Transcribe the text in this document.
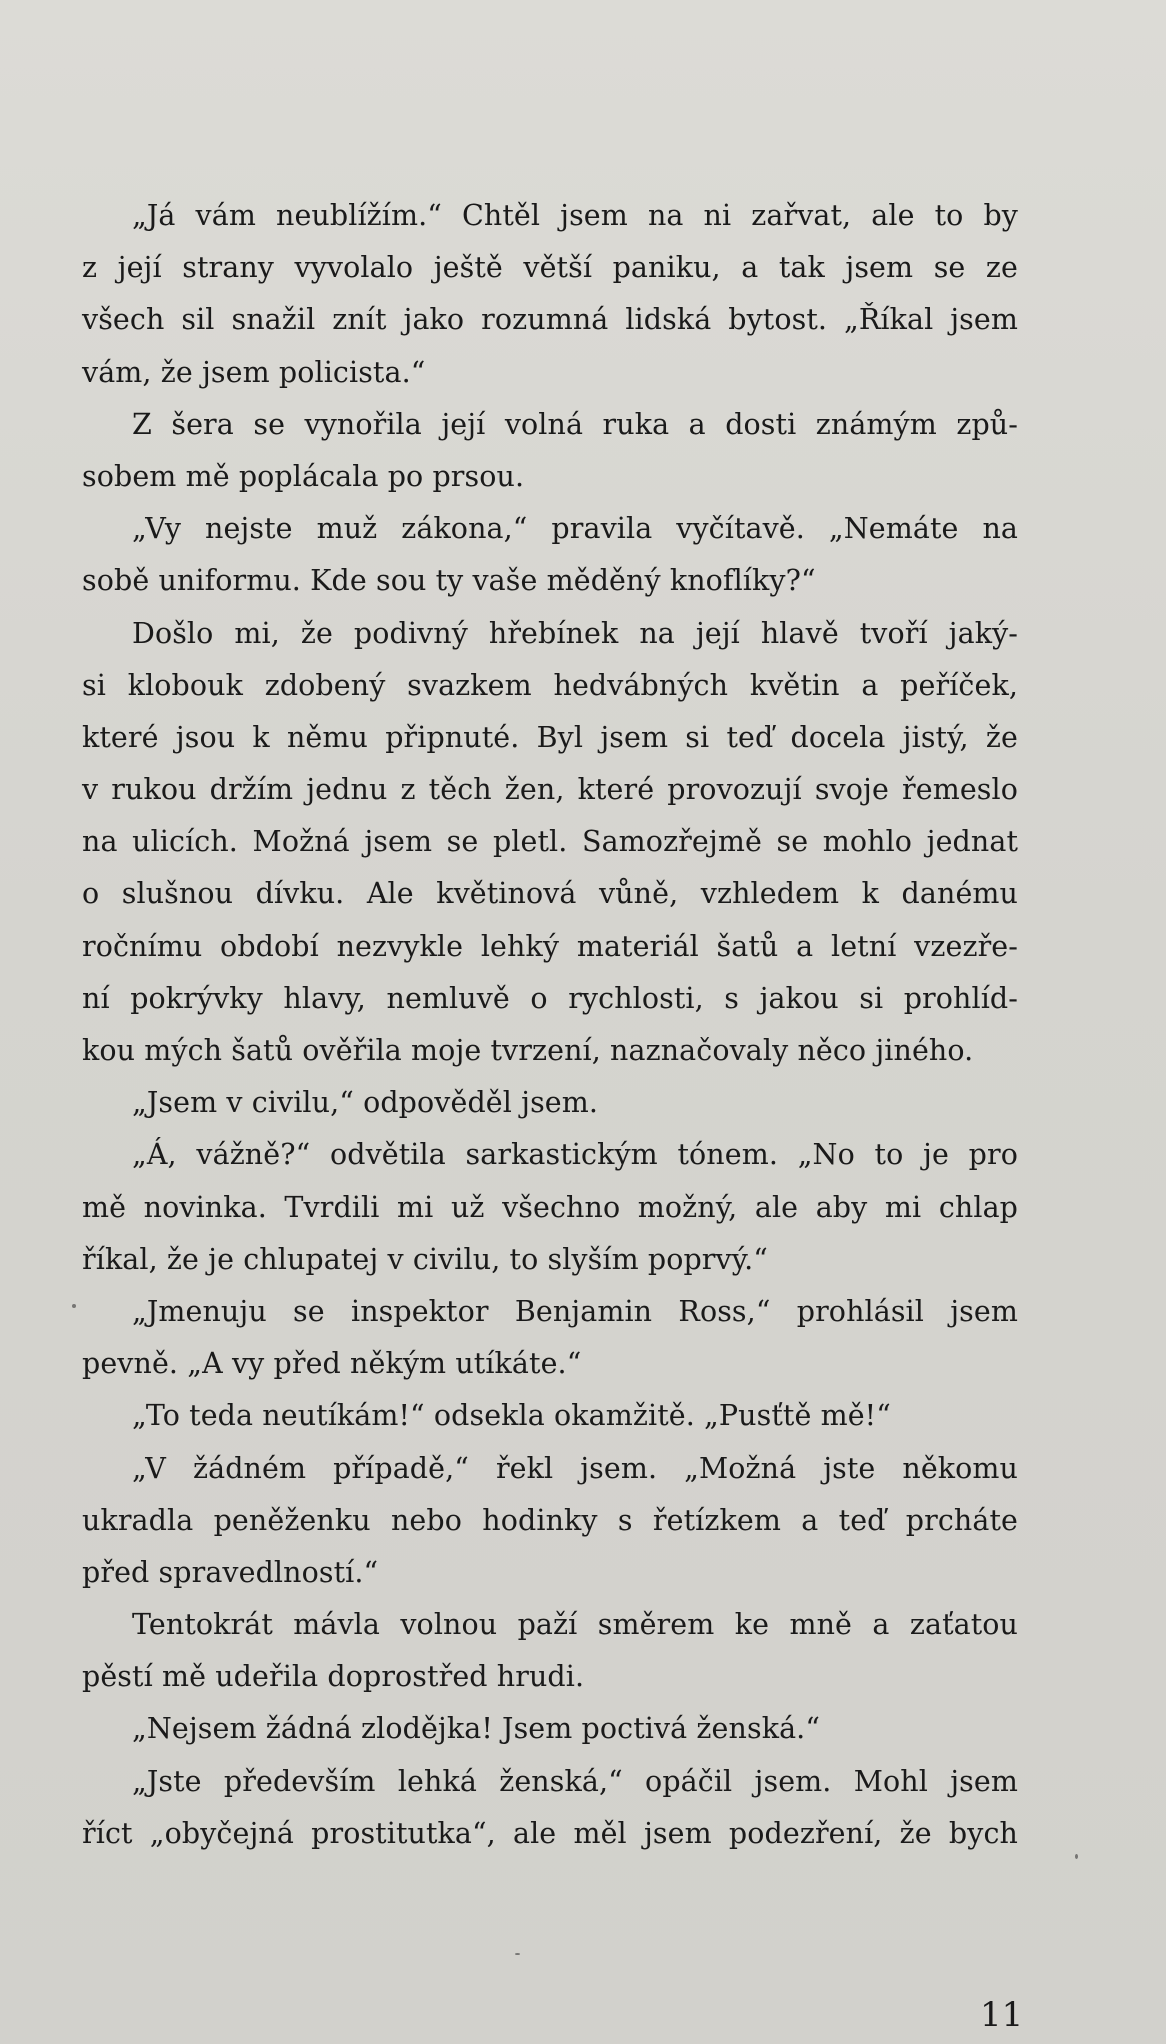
„Já vám neublížím.“ Chtěl jsem na ni zařvat, ale to by
z její strany vyvolalo ještě větší paniku, a tak jsem se ze
všech sil snažil znít jako rozumná lidská bytost. „Říkal jsem
vám, že jsem policista.“
Z šera se vynořila její volná ruka a dosti známým způ-
sobem mě poplácala po prsou.
„Vy nejste muž zákona,“ pravila vyčítavě. „Nemáte na
sobě uniformu. Kde sou ty vaše měděný knoflíky?“
Došlo mi, že podivný hřebínek na její hlavě tvoří jaký-
si klobouk zdobený svazkem hedvábných květin a peříček,
které jsou k němu připnuté. Byl jsem si teď docela jistý, že
v rukou držím jednu z těch žen, které provozují svoje řemeslo
na ulicích. Možná jsem se pletl. Samozřejmě se mohlo jednat
o slušnou dívku. Ale květinová vůně, vzhledem k danému
ročnímu období nezvykle lehký materiál šatů a letní vzezře-
ní pokrývky hlavy, nemluvě o rychlosti, s jakou si prohlíd-
kou mých šatů ověřila moje tvrzení, naznačovaly něco jiného.
„Jsem v civilu,“ odpověděl jsem.
„Á, vážně?“ odvětila sarkastickým tónem. „No to je pro
mě novinka. Tvrdili mi už všechno možný, ale aby mi chlap
říkal, že je chlupatej v civilu, to slyším poprvý.“
„Jmenuju se inspektor Benjamin Ross,“ prohlásil jsem
pevně. „A vy před někým utíkáte.“
„To teda neutíkám!“ odsekla okamžitě. „Pusťtě mě!“
„V žádném případě,“ řekl jsem. „Možná jste někomu
ukradla peněženku nebo hodinky s řetízkem a teď prcháte
před spravedlností.“
Tentokrát mávla volnou paží směrem ke mně a zaťatou
pěstí mě udeřila doprostřed hrudi.
„Nejsem žádná zlodějka! Jsem poctivá ženská.“
„Jste především lehká ženská,“ opáčil jsem. Mohl jsem
říct „obyčejná prostitutka“, ale měl jsem podezření, že bych
11
